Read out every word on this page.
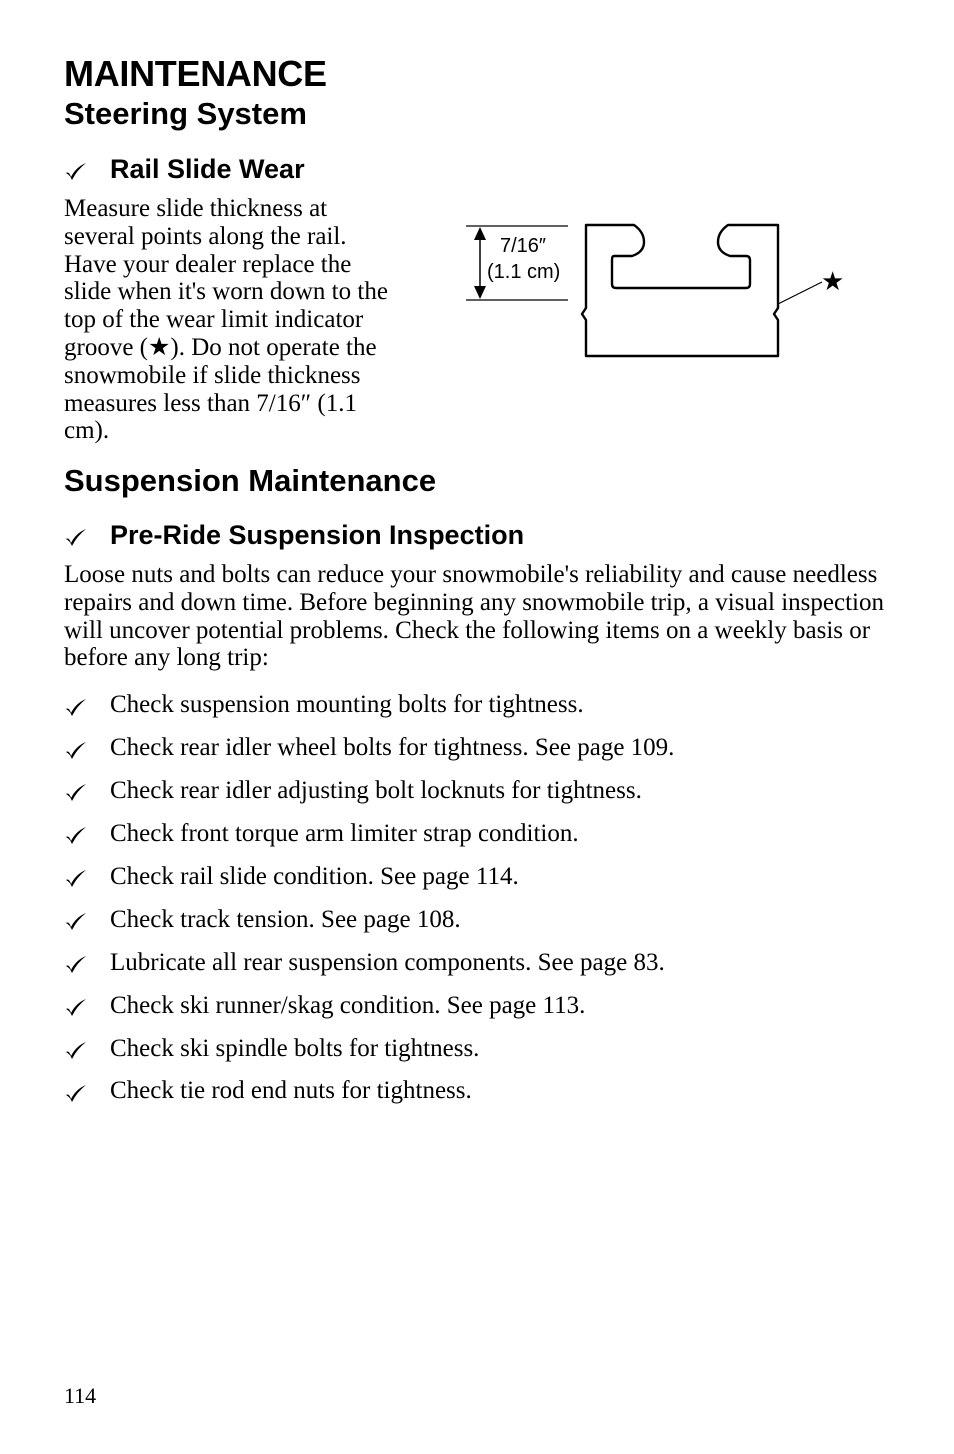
MAINTENANCE
Steering System
Rail Slide Wear
Measure slide thickness at several points along the rail. Have your dealer replace the slide when it's worn down to the top of the wear limit indicator groove (★). Do not operate the snowmobile if slide thickness measures less than 7/16″ (1.1 cm).
7/16″
(1.1 cm)	★
Suspension Maintenance
Pre-Ride Suspension Inspection
Loose nuts and bolts can reduce your snowmobile's reliability and cause needless repairs and down time. Before beginning any snowmobile trip, a visual inspection will uncover potential problems. Check the following items on a weekly basis or before any long trip:
Check suspension mounting bolts for tightness.
Check rear idler wheel bolts for tightness. See page 109.
Check rear idler adjusting bolt locknuts for tightness.
Check front torque arm limiter strap condition.
Check rail slide condition. See page 114.
Check track tension. See page 108.
Lubricate all rear suspension components. See page 83.
Check ski runner/skag condition. See page 113.
Check ski spindle bolts for tightness.
Check tie rod end nuts for tightness.
114
